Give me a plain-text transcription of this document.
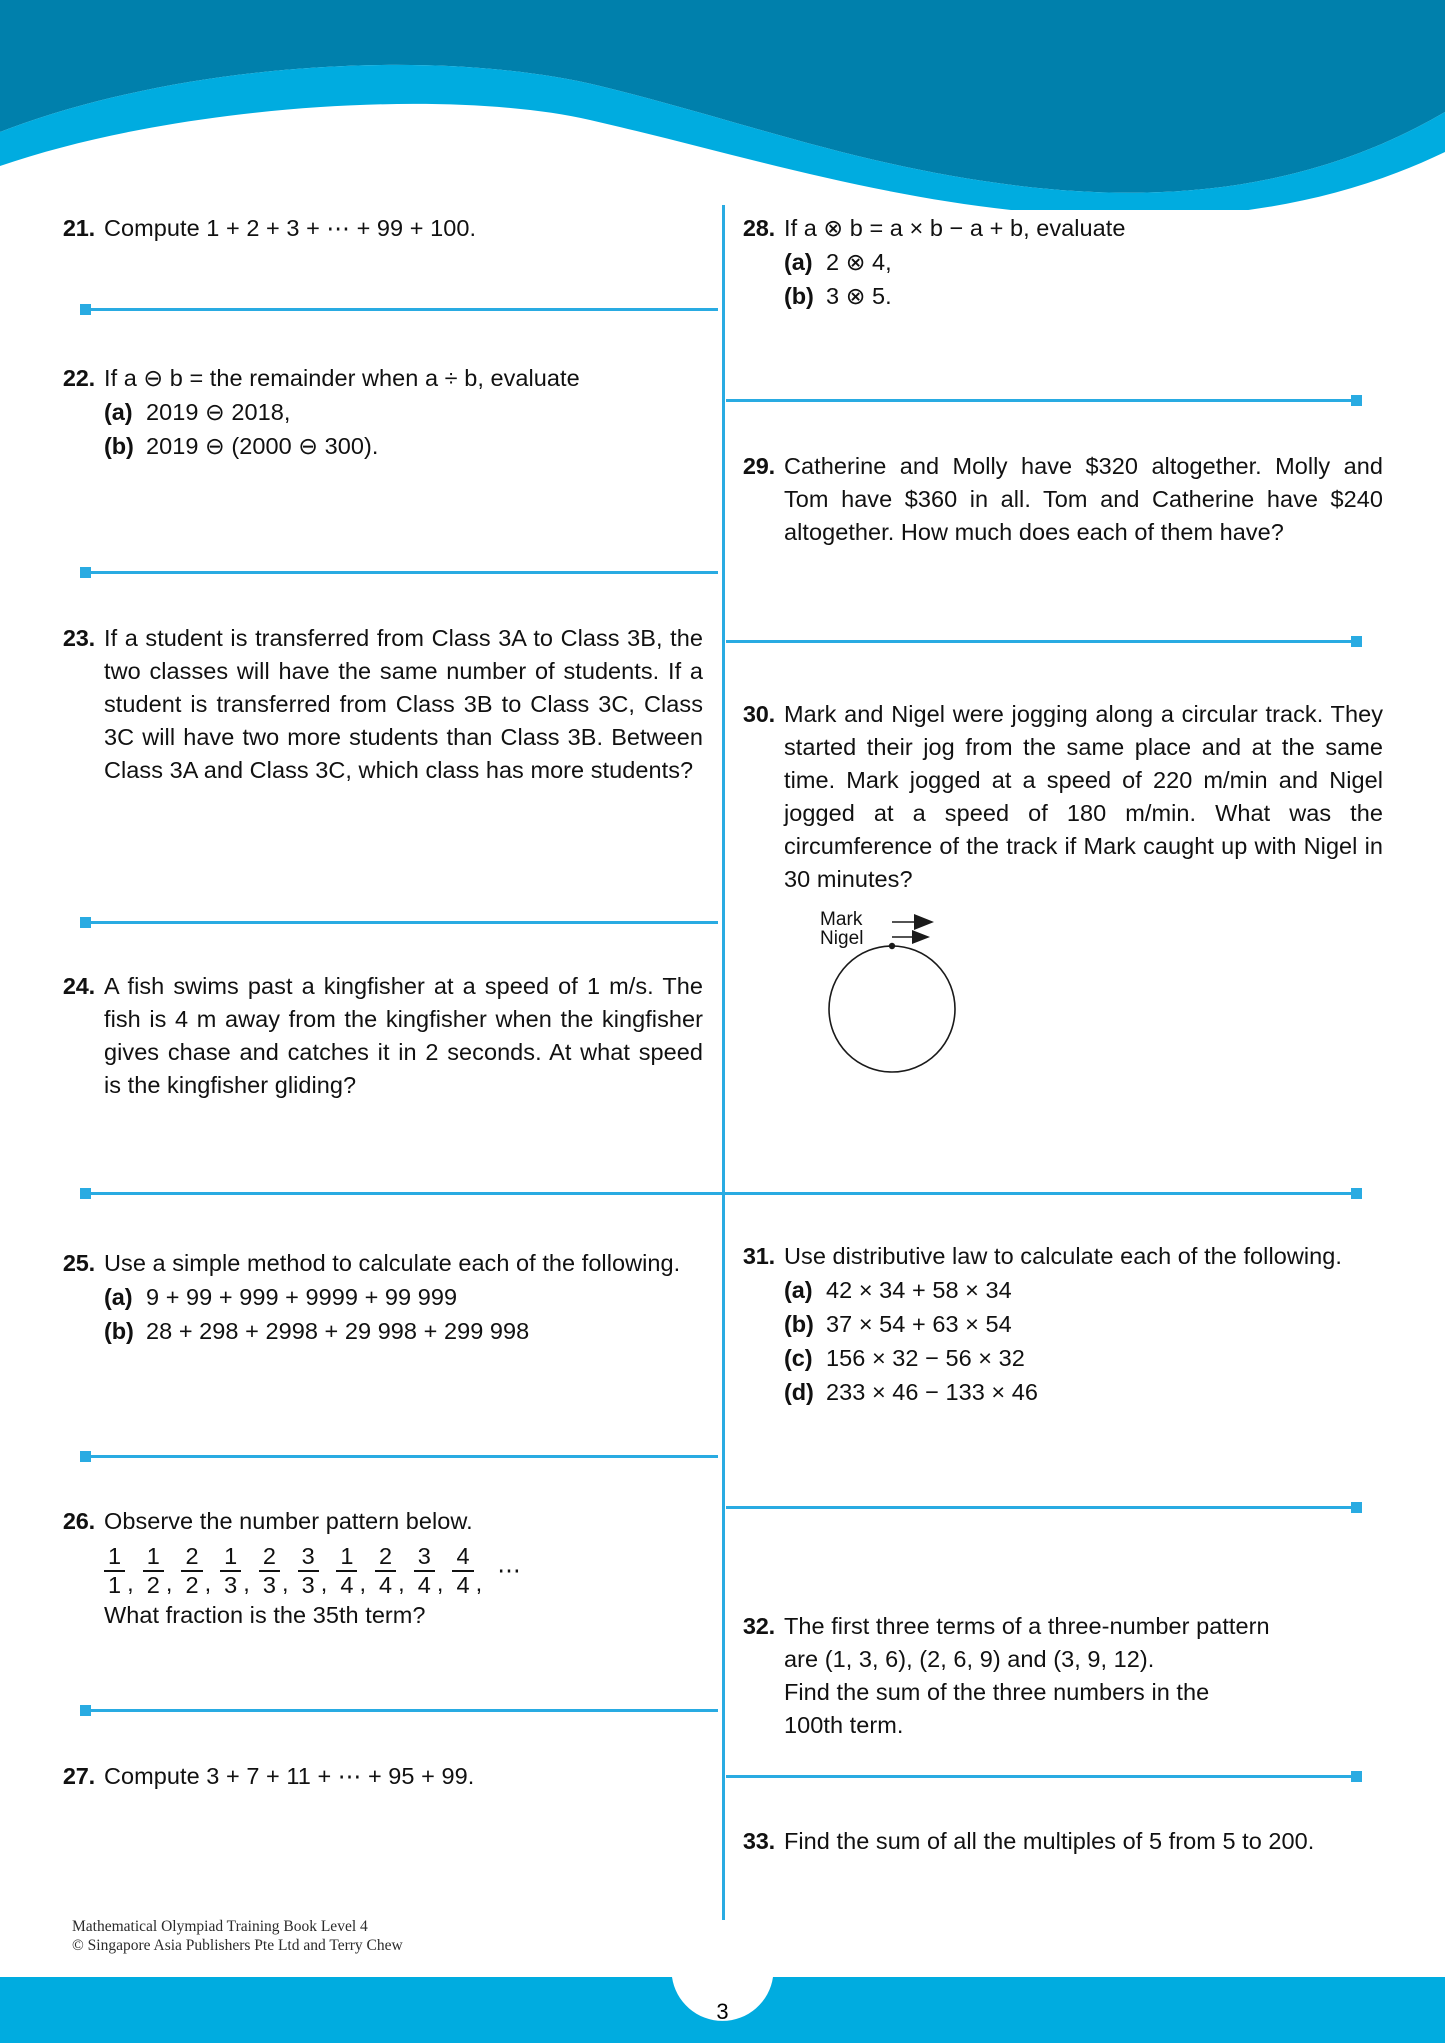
3
Mathematical Olympiad Training Book Level 4
© Singapore Asia Publishers Pte Ltd and Terry Chew
21. Compute 1 + 2 + 3 + ⋯ + 99 + 100.
22. If a ⊖ b = the remainder when a ÷ b, evaluate

(a) 2019 ⊖ 2018,
(b) 2019 ⊖ (2000 ⊖ 300).
23. If a student is transferred from Class 3A to Class 3B, the two classes will have the same number of students. If a student is transferred from Class 3B to Class 3C, Class 3C will have two more students than Class 3B. Between Class 3A and Class 3C, which class has more students?
24. A fish swims past a kingfisher at a speed of 1 m/s. The fish is 4 m away from the kingfisher when the kingfisher gives chase and catches it in 2 seconds. At what speed is the kingfisher gliding?
25. Use a simple method to calculate each of the following.

(a) 9 + 99 + 999 + 9999 + 99 999
(b) 28 + 298 + 2998 + 29 998 + 299 998
26. Observe the number pattern below.

$\frac{1}{1}$ , $\frac{1}{2}$ , $\frac{2}{2}$ , $\frac{1}{3}$ , $\frac{2}{3}$ , $\frac{3}{3}$ , $\frac{1}{4}$ , $\frac{2}{4}$ , $\frac{3}{4}$ , $\frac{4}{4}$ , ⋯

What fraction is the 35th term?

27. Compute 3 + 7 + 11 + ⋯ + 95 + 99.
28. If a ⊗ b = a × b − a + b, evaluate

(a) 2 ⊗ 4,
(b) 3 ⊗ 5.
29. Catherine and Molly have $320 altogether. Molly and Tom have $360 in all. Tom and Catherine have $240 altogether. How much does each of them have?
30. Mark and Nigel were jogging along a circular track. They started their jog from the same place and at the same time. Mark jogged at a speed of 220 m/min and Nigel jogged at a speed of 180 m/min. What was the circumference of the track if Mark caught up with Nigel in 30 minutes?

Mark
Nigel
31. Use distributive law to calculate each of the following.

(a) 42 × 34 + 58 × 34
(b) 37 × 54 + 63 × 54
(c) 156 × 32 − 56 × 32
(d) 233 × 46 − 133 × 46
32. The first three terms of a three-number pattern

are (1, 3, 6), (2, 6, 9) and (3, 9, 12).

Find the sum of the three numbers in the

100th term.

33. Find the sum of all the multiples of 5 from 5 to 200.
